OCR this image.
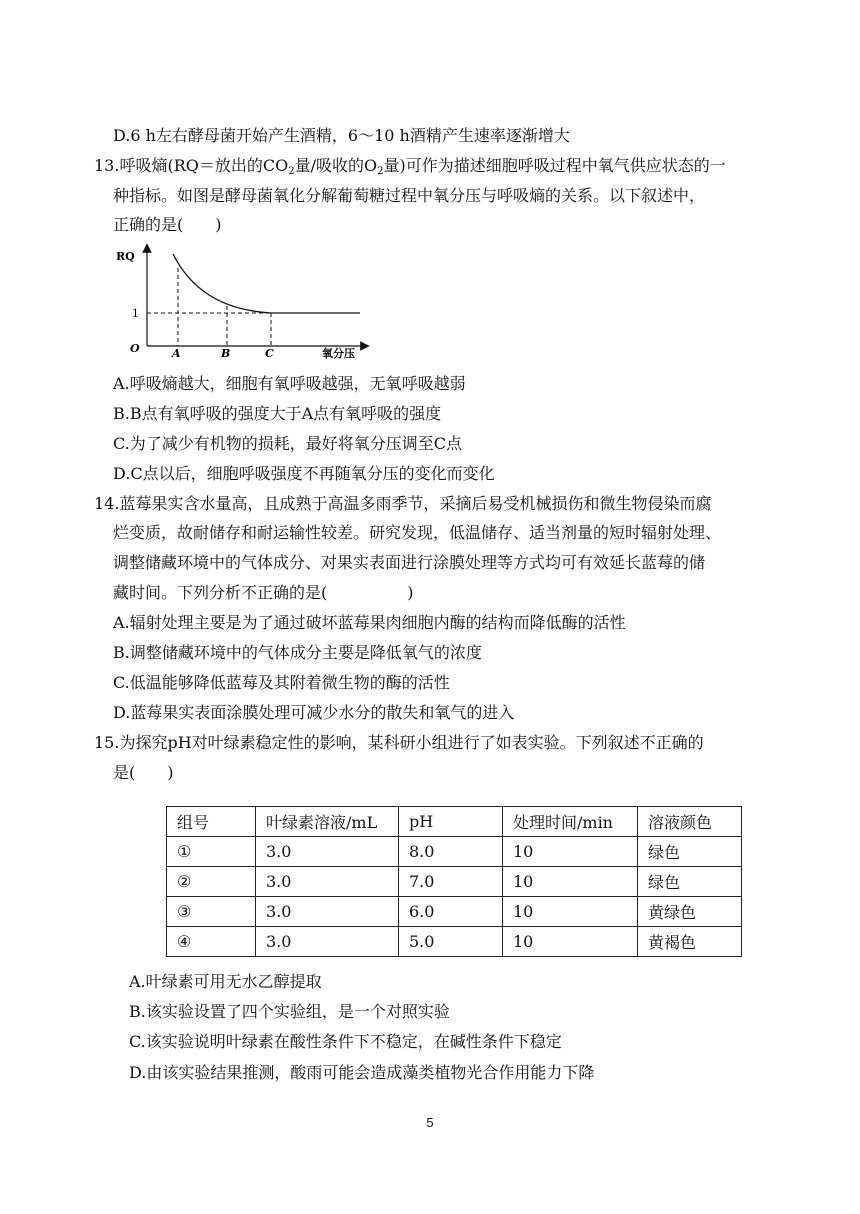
D.6 h左右酵母菌开始产生酒精，6～10 h酒精产生速率逐渐增大
13.呼吸熵(RQ＝放出的$CO_2$量/吸收的$O_2$量)可作为描述细胞呼吸过程中氧气供应状态的一
种指标。如图是酵母菌氧化分解葡萄糖过程中氧分压与呼吸熵的关系。以下叙述中，
正确的是(　　)
RQ
1
O	氧分压
A	B	C
A.呼吸熵越大，细胞有氧呼吸越强，无氧呼吸越弱
B.B点有氧呼吸的强度大于A点有氧呼吸的强度
C.为了减少有机物的损耗，最好将氧分压调至C点
D.C点以后，细胞呼吸强度不再随氧分压的变化而变化
14.蓝莓果实含水量高，且成熟于高温多雨季节，采摘后易受机械损伤和微生物侵染而腐
烂变质，故耐储存和耐运输性较差。研究发现，低温储存、适当剂量的短时辐射处理、
调整储藏环境中的气体成分、对果实表面进行涂膜处理等方式均可有效延长蓝莓的储
藏时间。下列分析不正确的是(　　　　　)
A.辐射处理主要是为了通过破坏蓝莓果肉细胞内酶的结构而降低酶的活性
B.调整储藏环境中的气体成分主要是降低氧气的浓度
C.低温能够降低蓝莓及其附着微生物的酶的活性
D.蓝莓果实表面涂膜处理可减少水分的散失和氧气的进入
15.为探究pH对叶绿素稳定性的影响，某科研小组进行了如表实验。下列叙述不正确的
是(　　)
组号	叶绿素溶液/mL	pH	处理时间/min	溶液颜色
①	3.0	8.0	10	绿色
②	3.0	7.0	10	绿色
③	3.0	6.0	10	黄绿色
④	3.0	5.0	10	黄褐色
A.叶绿素可用无水乙醇提取
B.该实验设置了四个实验组，是一个对照实验
C.该实验说明叶绿素在酸性条件下不稳定，在碱性条件下稳定
D.由该实验结果推测，酸雨可能会造成藻类植物光合作用能力下降
5
